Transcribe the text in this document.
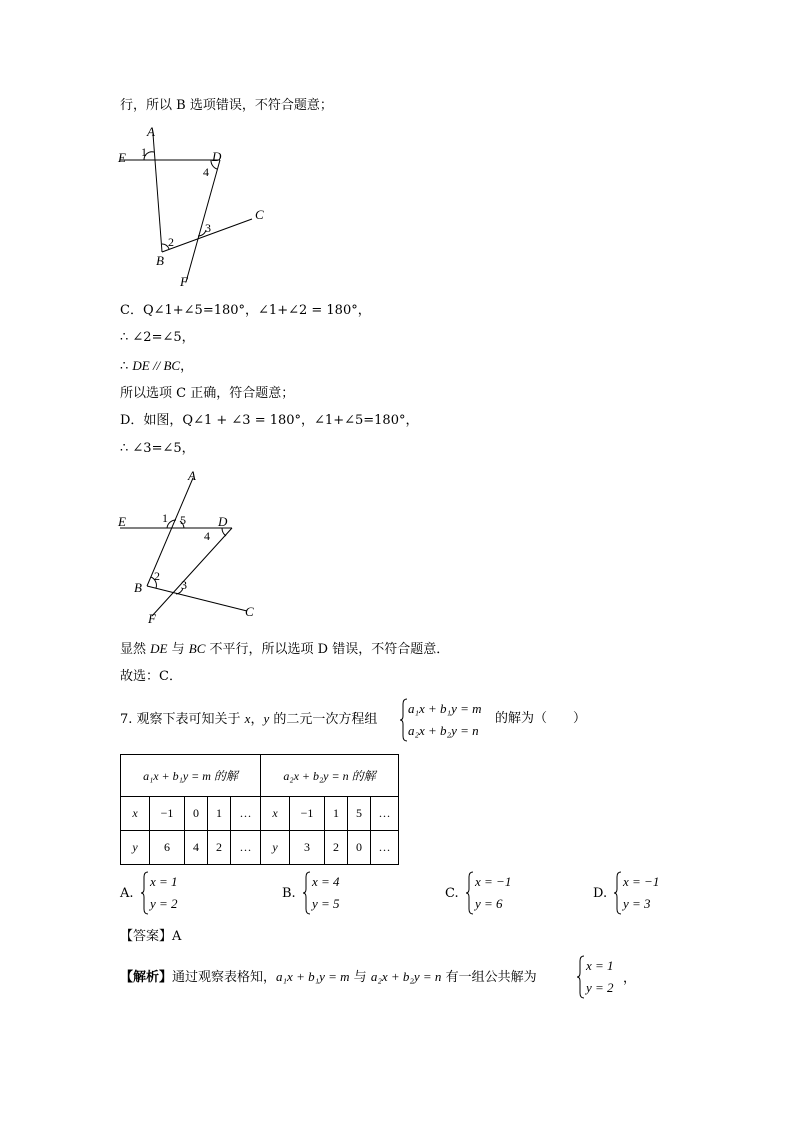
行，所以 B 选项错误，不符合题意；
A
E	D
C
B
F
1
2
3
4
C．Q∠1+∠5=180°，∠1+∠2 = 180°，
∴ ∠2=∠5，
∴ DE // BC，
所以选项 C 正确，符合题意；
D．如图，Q∠1 + ∠3 = 180°，∠1+∠5=180°，
∴ ∠3=∠5，
A
E	D
C
B
F
1 5
2
3
4
显然 DE 与 BC 不平行，所以选项 D 错误，不符合题意．
故选：C．
7. 观察下表可知关于 x，y 的二元一次方程组
a₁x + b₁y = m
a₂x + b₂y = n
的解为（　　）
a₁x + b₁y = m 的解					a₂x + b₂y = n 的解				
x	−1	0	1	…	x	−1	1	5	…
y	6	4	2	…	y	3	2	0	…
A.
x = 1
y = 2
B.
x = 4
y = 5
C.
x = −1
y = 6
D.
x = −1
y = 3
【答案】A
【解析】通过观察表格知，a₁x + b₁y = m 与 a₂x + b₂y = n 有一组公共解为
x = 1
y = 2
，
